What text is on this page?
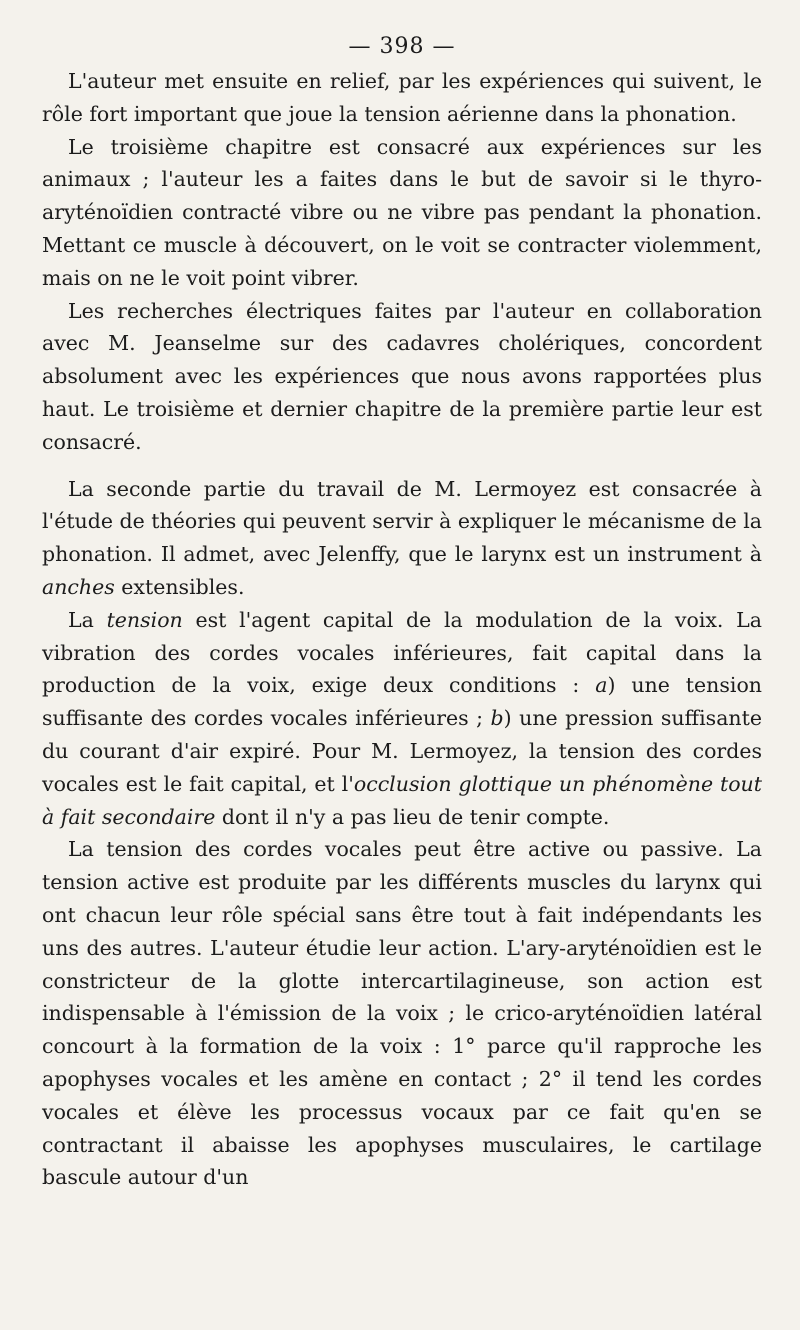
— 398 —

L'auteur met ensuite en relief, par les expériences qui suivent, le rôle fort important que joue la tension aérienne dans la phonation.

Le troisième chapitre est consacré aux expériences sur les animaux ; l'auteur les a faites dans le but de savoir si le thyro-aryténoïdien contracté vibre ou ne vibre pas pendant la phonation. Mettant ce muscle à découvert, on le voit se contracter violemment, mais on ne le voit point vibrer.

Les recherches électriques faites par l'auteur en collaboration avec M. Jeanselme sur des cadavres cholériques, concordent absolument avec les expériences que nous avons rapportées plus haut. Le troisième et dernier chapitre de la première partie leur est consacré.

La seconde partie du travail de M. Lermoyez est consacrée à l'étude de théories qui peuvent servir à expliquer le mécanisme de la phonation. Il admet, avec Jelenffy, que le larynx est un instrument à anches extensibles.

La tension est l'agent capital de la modulation de la voix. La vibration des cordes vocales inférieures, fait capital dans la production de la voix, exige deux conditions : a) une tension suffisante des cordes vocales inférieures ; b) une pression suffisante du courant d'air expiré. Pour M. Lermoyez, la tension des cordes vocales est le fait capital, et l'occlusion glottique un phénomène tout à fait secondaire dont il n'y a pas lieu de tenir compte.

La tension des cordes vocales peut être active ou passive. La tension active est produite par les différents muscles du larynx qui ont chacun leur rôle spécial sans être tout à fait indépendants les uns des autres. L'auteur étudie leur action. L'ary-aryténoïdien est le constricteur de la glotte intercartilagineuse, son action est indispensable à l'émission de la voix ; le crico-aryténoïdien latéral concourt à la formation de la voix : 1° parce qu'il rapproche les apophyses vocales et les amène en contact ; 2° il tend les cordes vocales et élève les processus vocaux par ce fait qu'en se contractant il abaisse les apophyses musculaires, le cartilage bascule autour d'un
